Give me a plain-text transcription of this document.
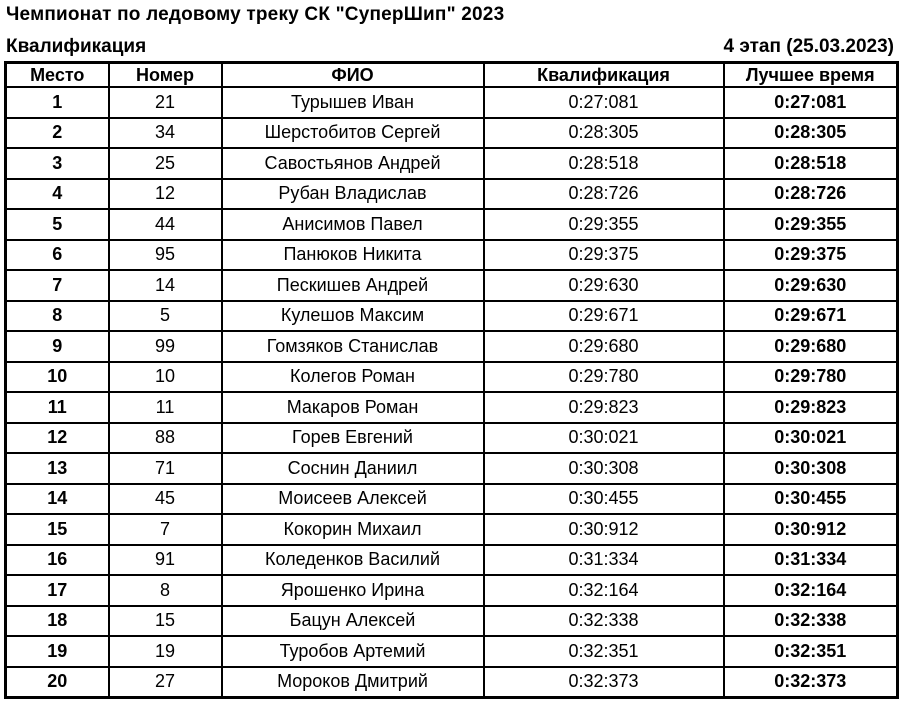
Чемпионат по ледовому треку СК "СуперШип" 2023
Квалификация	4 этап (25.03.2023)
Место	Номер	ФИО	Квалификация	Лучшее время
1	21	Турышев Иван	0:27:081	0:27:081
2	34	Шерстобитов Сергей	0:28:305	0:28:305
3	25	Савостьянов Андрей	0:28:518	0:28:518
4	12	Рубан Владислав	0:28:726	0:28:726
5	44	Анисимов Павел	0:29:355	0:29:355
6	95	Панюков Никита	0:29:375	0:29:375
7	14	Пескишев Андрей	0:29:630	0:29:630
8	5	Кулешов Максим	0:29:671	0:29:671
9	99	Гомзяков Станислав	0:29:680	0:29:680
10	10	Колегов Роман	0:29:780	0:29:780
11	11	Макаров Роман	0:29:823	0:29:823
12	88	Горев Евгений	0:30:021	0:30:021
13	71	Соснин Даниил	0:30:308	0:30:308
14	45	Моисеев Алексей	0:30:455	0:30:455
15	7	Кокорин Михаил	0:30:912	0:30:912
16	91	Коледенков Василий	0:31:334	0:31:334
17	8	Ярошенко Ирина	0:32:164	0:32:164
18	15	Бацун Алексей	0:32:338	0:32:338
19	19	Туробов Артемий	0:32:351	0:32:351
20	27	Мороков Дмитрий	0:32:373	0:32:373
